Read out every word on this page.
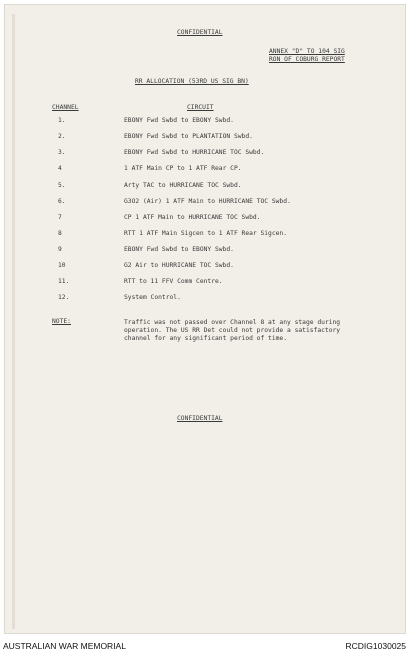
CONFIDENTIAL
ANNEX "D" TO 104 SIG
RON OF COBURG REPORT
RR ALLOCATION (53RD US SIG BN)
CHANNEL	CIRCUIT
1.	EBONY Fwd Swbd to EBONY Swbd.
2.	EBONY Fwd Swbd to PLANTATION Swbd.
3.	EBONY Fwd Swbd to HURRICANE TOC Swbd.
4	1 ATF Main CP to 1 ATF Rear CP.
5.	Arty TAC to HURRICANE TOC Swbd.
6.	G3O2 (Air) 1 ATF Main to HURRICANE TOC Swbd.
7	CP 1 ATF Main to HURRICANE TOC Swbd.
8	RTT 1 ATF Main Sigcen to 1 ATF Rear Sigcen.
9	EBONY Fwd Swbd to EBONY Swbd.
10	G2 Air to HURRICANE TOC Swbd.
11.	RTT to 11 FFV Comm Centre.
12.	System Control.
NOTE:	Traffic was not passed over Channel 8 at any stage during operation. The US RR Det could not provide a satisfactory channel for any significant period of time.
CONFIDENTIAL
AUSTRALIAN WAR MEMORIAL	RCDIG1030025
